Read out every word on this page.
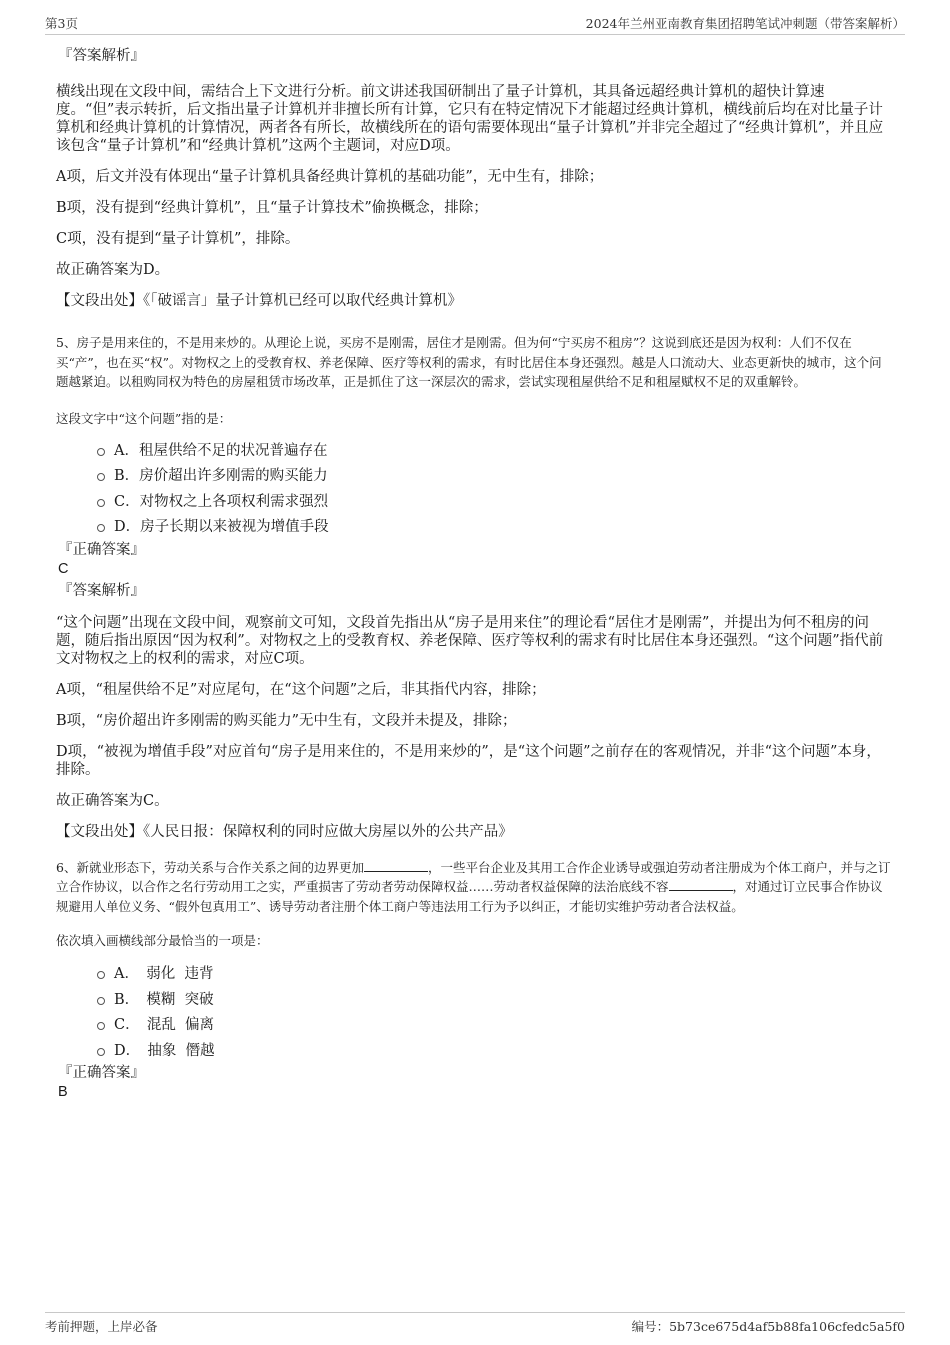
第3页	2024年兰州亚南教育集团招聘笔试冲刺题（带答案解析）
『答案解析』

横线出现在文段中间，需结合上下文进行分析。前文讲述我国研制出了量子计算机，其具备远超经典计算机的超快计算速度。“但”表示转折，后文指出量子计算机并非擅长所有计算，它只有在特定情况下才能超过经典计算机，横线前后均在对比量子计算机和经典计算机的计算情况，两者各有所长，故横线所在的语句需要体现出“量子计算机”并非完全超过了“经典计算机”，并且应该包含“量子计算机”和“经典计算机”这两个主题词，对应D项。

A项，后文并没有体现出“量子计算机具备经典计算机的基础功能”，无中生有，排除；

B项，没有提到“经典计算机”，且“量子计算技术”偷换概念，排除；

C项，没有提到“量子计算机”，排除。

故正确答案为D。

【文段出处】《「破谣言」量子计算机已经可以取代经典计算机》

5、房子是用来住的，不是用来炒的。从理论上说，买房不是刚需，居住才是刚需。但为何“宁买房不租房”？这说到底还是因为权利：人们不仅在买“产”，也在买“权”。对物权之上的受教育权、养老保障、医疗等权利的需求，有时比居住本身还强烈。越是人口流动大、业态更新快的城市，这个问题越紧迫。以租购同权为特色的房屋租赁市场改革，正是抓住了这一深层次的需求，尝试实现租屋供给不足和租屋赋权不足的双重解铃。

这段文字中“这个问题”指的是：

A．租屋供给不足的状况普遍存在
B．房价超出许多刚需的购买能力
C．对物权之上各项权利需求强烈
D．房子长期以来被视为增值手段
『正确答案』
C
『答案解析』

“这个问题”出现在文段中间，观察前文可知，文段首先指出从“房子是用来住”的理论看“居住才是刚需”，并提出为何不租房的问题，随后指出原因“因为权利”。对物权之上的受教育权、养老保障、医疗等权利的需求有时比居住本身还强烈。“这个问题”指代前文对物权之上的权利的需求，对应C项。

A项，“租屋供给不足”对应尾句，在“这个问题”之后，非其指代内容，排除；

B项，“房价超出许多刚需的购买能力”无中生有，文段并未提及，排除；

D项，“被视为增值手段”对应首句“房子是用来住的，不是用来炒的”，是“这个问题”之前存在的客观情况，并非“这个问题”本身，排除。

故正确答案为C。

【文段出处】《人民日报：保障权利的同时应做大房屋以外的公共产品》

6、新就业形态下，劳动关系与合作关系之间的边界更加	，一些平台企业及其用工合作企业诱导或强迫劳动者注册成为个体工商户，并与之订立合作协议，以合作之名行劳动用工之实，严重损害了劳动者劳动保障权益……劳动者权益保障的法治底线不容	，对通过订立民事合作协议规避用人单位义务、“假外包真用工”、诱导劳动者注册个体工商户等违法用工行为予以纠正，才能切实维护劳动者合法权益。

依次填入画横线部分最恰当的一项是：

A．　弱化  违背
B．　模糊  突破
C．　混乱  偏离
D．　抽象  僭越
『正确答案』
B
考前押题，上岸必备	编号：5b73ce675d4af5b88fa106cfedc5a5f0
